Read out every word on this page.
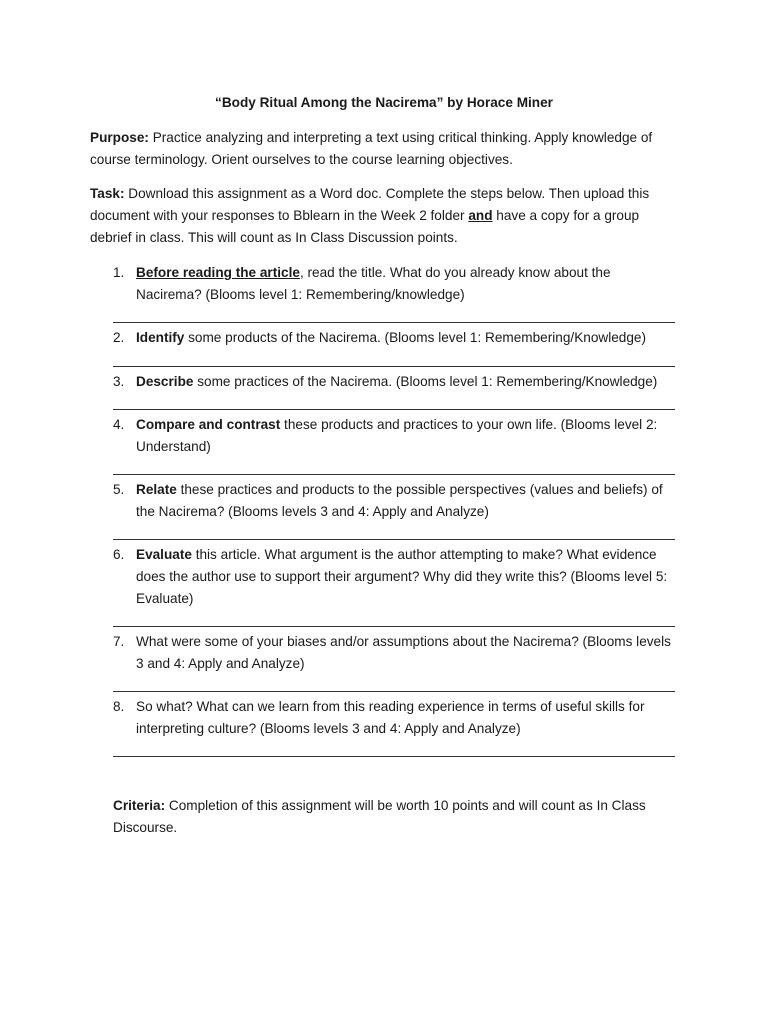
“Body Ritual Among the Nacirema” by Horace Miner
Purpose: Practice analyzing and interpreting a text using critical thinking. Apply knowledge of course terminology. Orient ourselves to the course learning objectives.
Task: Download this assignment as a Word doc. Complete the steps below. Then upload this document with your responses to Bblearn in the Week 2 folder and have a copy for a group debrief in class. This will count as In Class Discussion points.
1. Before reading the article, read the title. What do you already know about the Nacirema? (Blooms level 1: Remembering/knowledge)
2. Identify some products of the Nacirema. (Blooms level 1: Remembering/Knowledge)
3. Describe some practices of the Nacirema. (Blooms level 1: Remembering/Knowledge)
4. Compare and contrast these products and practices to your own life. (Blooms level 2: Understand)
5. Relate these practices and products to the possible perspectives (values and beliefs) of the Nacirema? (Blooms levels 3 and 4: Apply and Analyze)
6. Evaluate this article. What argument is the author attempting to make? What evidence does the author use to support their argument? Why did they write this? (Blooms level 5: Evaluate)
7. What were some of your biases and/or assumptions about the Nacirema? (Blooms levels 3 and 4: Apply and Analyze)
8. So what? What can we learn from this reading experience in terms of useful skills for interpreting culture? (Blooms levels 3 and 4: Apply and Analyze)
Criteria: Completion of this assignment will be worth 10 points and will count as In Class Discourse.
